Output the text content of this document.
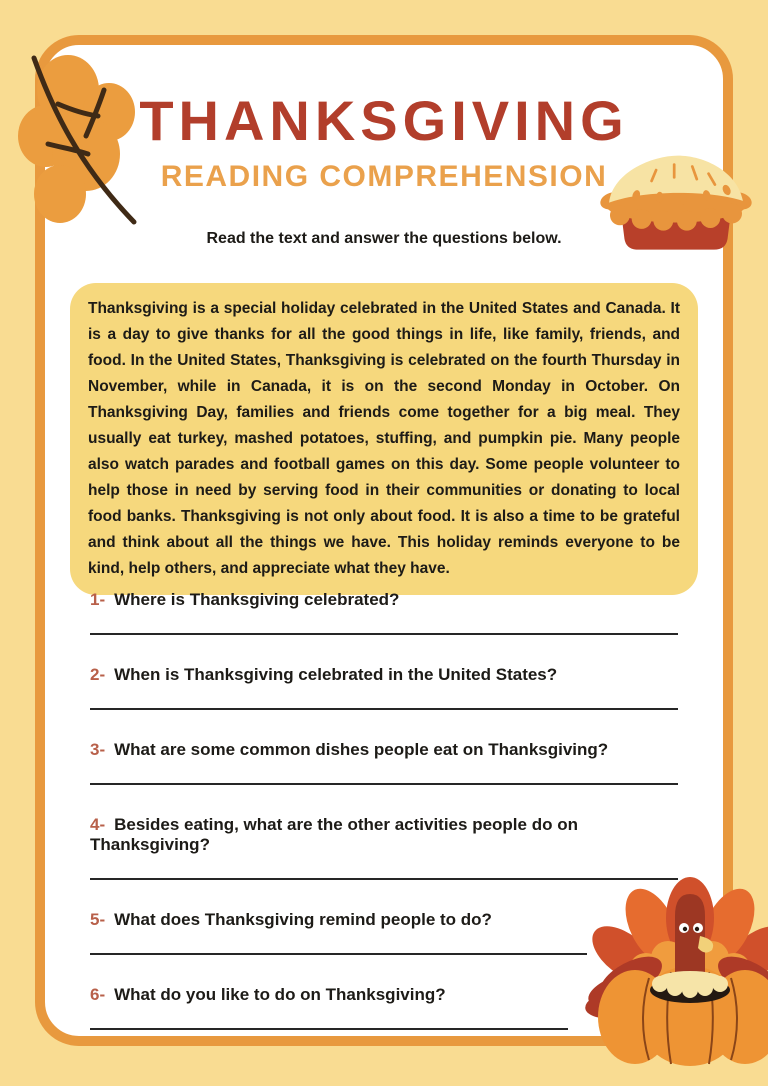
THANKSGIVING
READING COMPREHENSION

Read the text and answer the questions below.

Thanksgiving is a special holiday celebrated in the United States and Canada. It is a day to give thanks for all the good things in life, like family, friends, and food. In the United States, Thanksgiving is celebrated on the fourth Thursday in November, while in Canada, it is on the second Monday in October. On Thanksgiving Day, families and friends come together for a big meal. They usually eat turkey, mashed potatoes, stuffing, and pumpkin pie. Many people also watch parades and football games on this day. Some people volunteer to help those in need by serving food in their communities or donating to local food banks. Thanksgiving is not only about food. It is also a time to be grateful and think about all the things we have. This holiday reminds everyone to be kind, help others, and appreciate what they have.
1- Where is Thanksgiving celebrated?
2- When is Thanksgiving celebrated in the United States?
3- What are some common dishes people eat on Thanksgiving?
4- Besides eating, what are the other activities people do on Thanksgiving?
5- What does Thanksgiving remind people to do?
6- What do you like to do on Thanksgiving?
